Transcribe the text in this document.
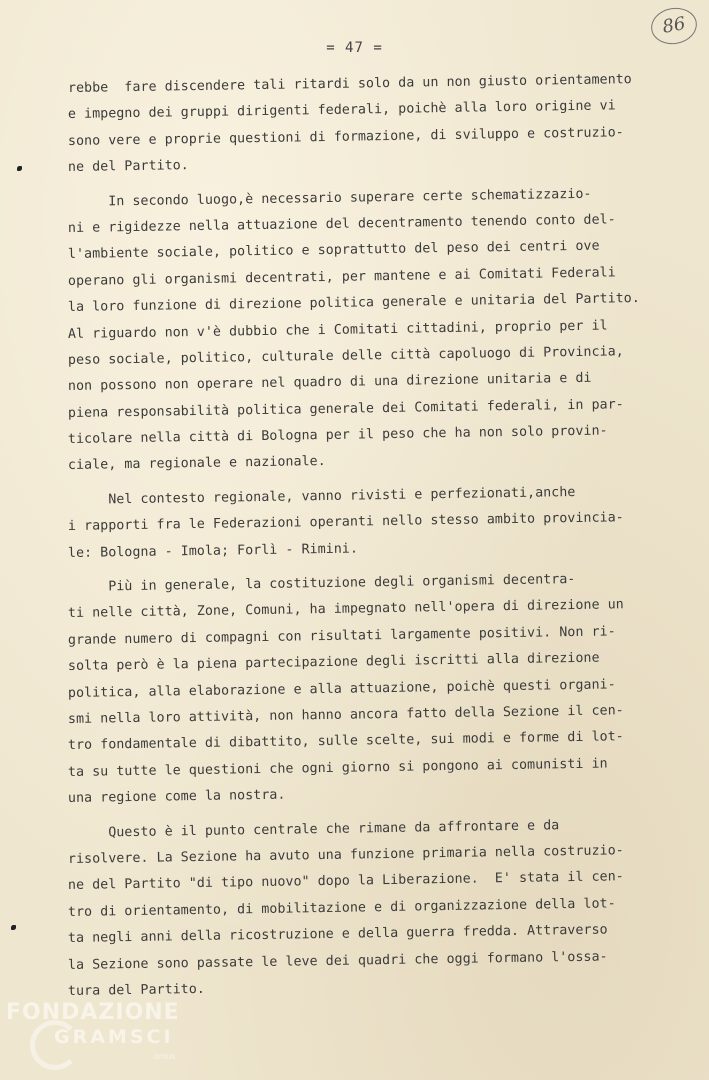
= 47 =
86
rebbe  fare discendere tali ritardi solo da un non giusto orientamento
e impegno dei gruppi dirigenti federali, poichè alla loro origine vi
sono vere e proprie questioni di formazione, di sviluppo e costruzio-
ne del Partito.
In secondo luogo,è necessario superare certe schematizzazio-
ni e rigidezze nella attuazione del decentramento tenendo conto del-
l'ambiente sociale, politico e soprattutto del peso dei centri ove
operano gli organismi decentrati, per mantene e ai Comitati Federali
la loro funzione di direzione politica generale e unitaria del Partito.
Al riguardo non v'è dubbio che i Comitati cittadini, proprio per il
peso sociale, politico, culturale delle città capoluogo di Provincia,
non possono non operare nel quadro di una direzione unitaria e di
piena responsabilità politica generale dei Comitati federali, in par-
ticolare nella città di Bologna per il peso che ha non solo provin-
ciale, ma regionale e nazionale.
Nel contesto regionale, vanno rivisti e perfezionati,anche
i rapporti fra le Federazioni operanti nello stesso ambito provincia-
le: Bologna - Imola; Forlì - Rimini.
Più in generale, la costituzione degli organismi decentra-
ti nelle città, Zone, Comuni, ha impegnato nell'opera di direzione un
grande numero di compagni con risultati largamente positivi. Non ri-
solta però è la piena partecipazione degli iscritti alla direzione
politica, alla elaborazione e alla attuazione, poichè questi organi-
smi nella loro attività, non hanno ancora fatto della Sezione il cen-
tro fondamentale di dibattito, sulle scelte, sui modi e forme di lot-
ta su tutte le questioni che ogni giorno si pongono ai comunisti in
una regione come la nostra.
Questo è il punto centrale che rimane da affrontare e da
risolvere. La Sezione ha avuto una funzione primaria nella costruzio-
ne del Partito "di tipo nuovo" dopo la Liberazione.  E' stata il cen-
tro di orientamento, di mobilitazione e di organizzazione della lot-
ta negli anni della ricostruzione e della guerra fredda. Attraverso
la Sezione sono passate le leve dei quadri che oggi formano l'ossa-
tura del Partito.
FONDAZIONE
GRAMSCI
onlus
